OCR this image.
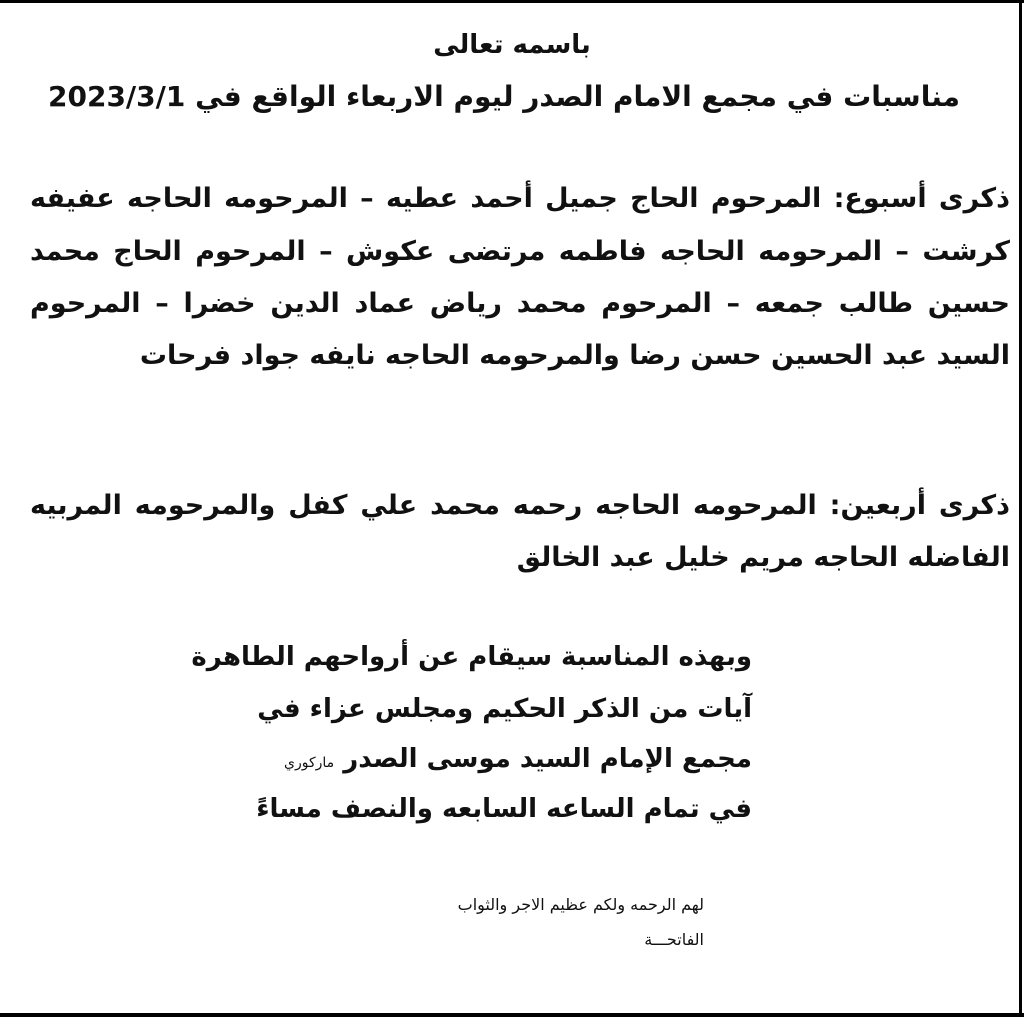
باسمه تعالى

مناسبات في مجمع الامام الصدر ليوم الاربعاء الواقع في 2023/3/1

ذكرى أسبوع: المرحوم الحاج جميل أحمد عطيه – المرحومه الحاجه عفيفه

كرشت – المرحومه الحاجه فاطمه مرتضى عكوش – المرحوم الحاج محمد

حسين طالب جمعه – المرحوم محمد رياض عماد الدين خضرا – المرحوم

السيد عبد الحسين حسن رضا والمرحومه الحاجه نايفه جواد فرحات

ذكرى أربعين: المرحومه الحاجه رحمه محمد علي كفل والمرحومه المربيه

الفاضله الحاجه مريم خليل عبد الخالق

وبهذه المناسبة سيقام عن أرواحهم الطاهرة

آيات من الذكر الحكيم ومجلس عزاء في

مجمع الإمام السيد موسى الصدر ماركوري

في تمام الساعه السابعه والنصف مساءً

لهم الرحمه ولكم عظيم الاجر والثواب

الفاتحـــة
